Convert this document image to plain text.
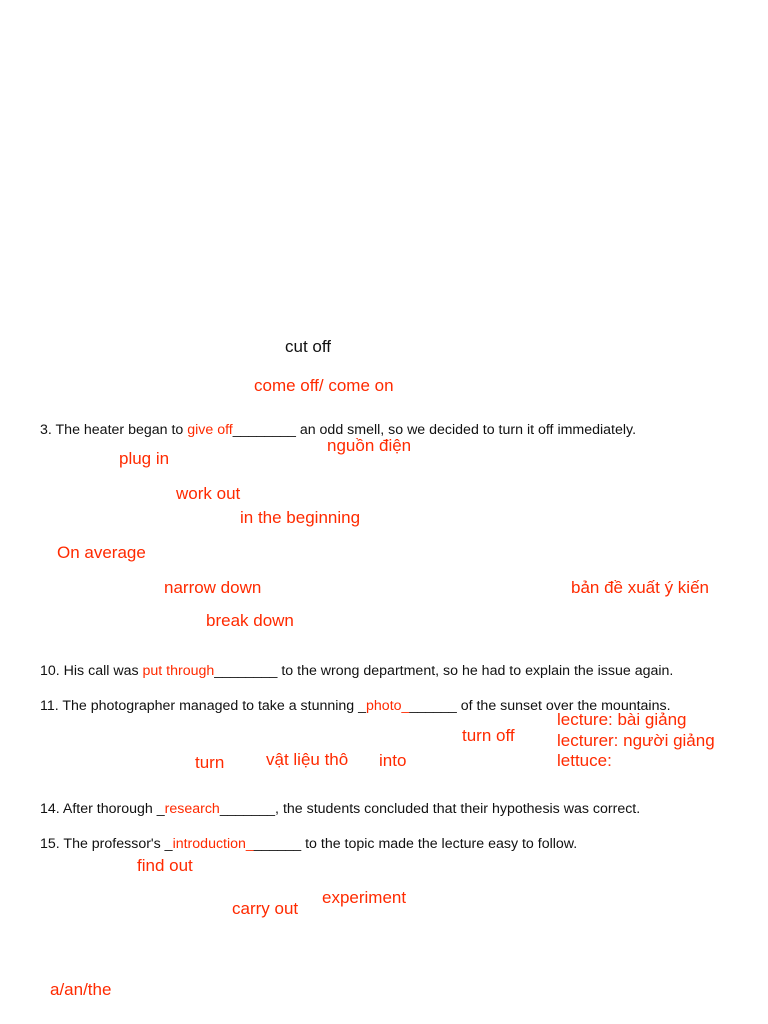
cut off
come off/ come on
3. The heater began to give off________ an odd smell, so we decided to turn it off immediately.
nguồn điện
plug in
work out
in the beginning
On average
narrow down	bản đề xuất ý kiến
break down
10. His call was put through________ to the wrong department, so he had to explain the issue again.
11. The photographer managed to take a stunning _photo_______ of the sunset over the mountains.
lecture: bài giảng
turn off lecturer: người giảng
vật liệu thô into	lettuce:
turn
14. After thorough _research_______, the students concluded that their hypothesis was correct.
15. The professor's _introduction_______ to the topic made the lecture easy to follow.
find out
experiment
carry out
a/an/the
